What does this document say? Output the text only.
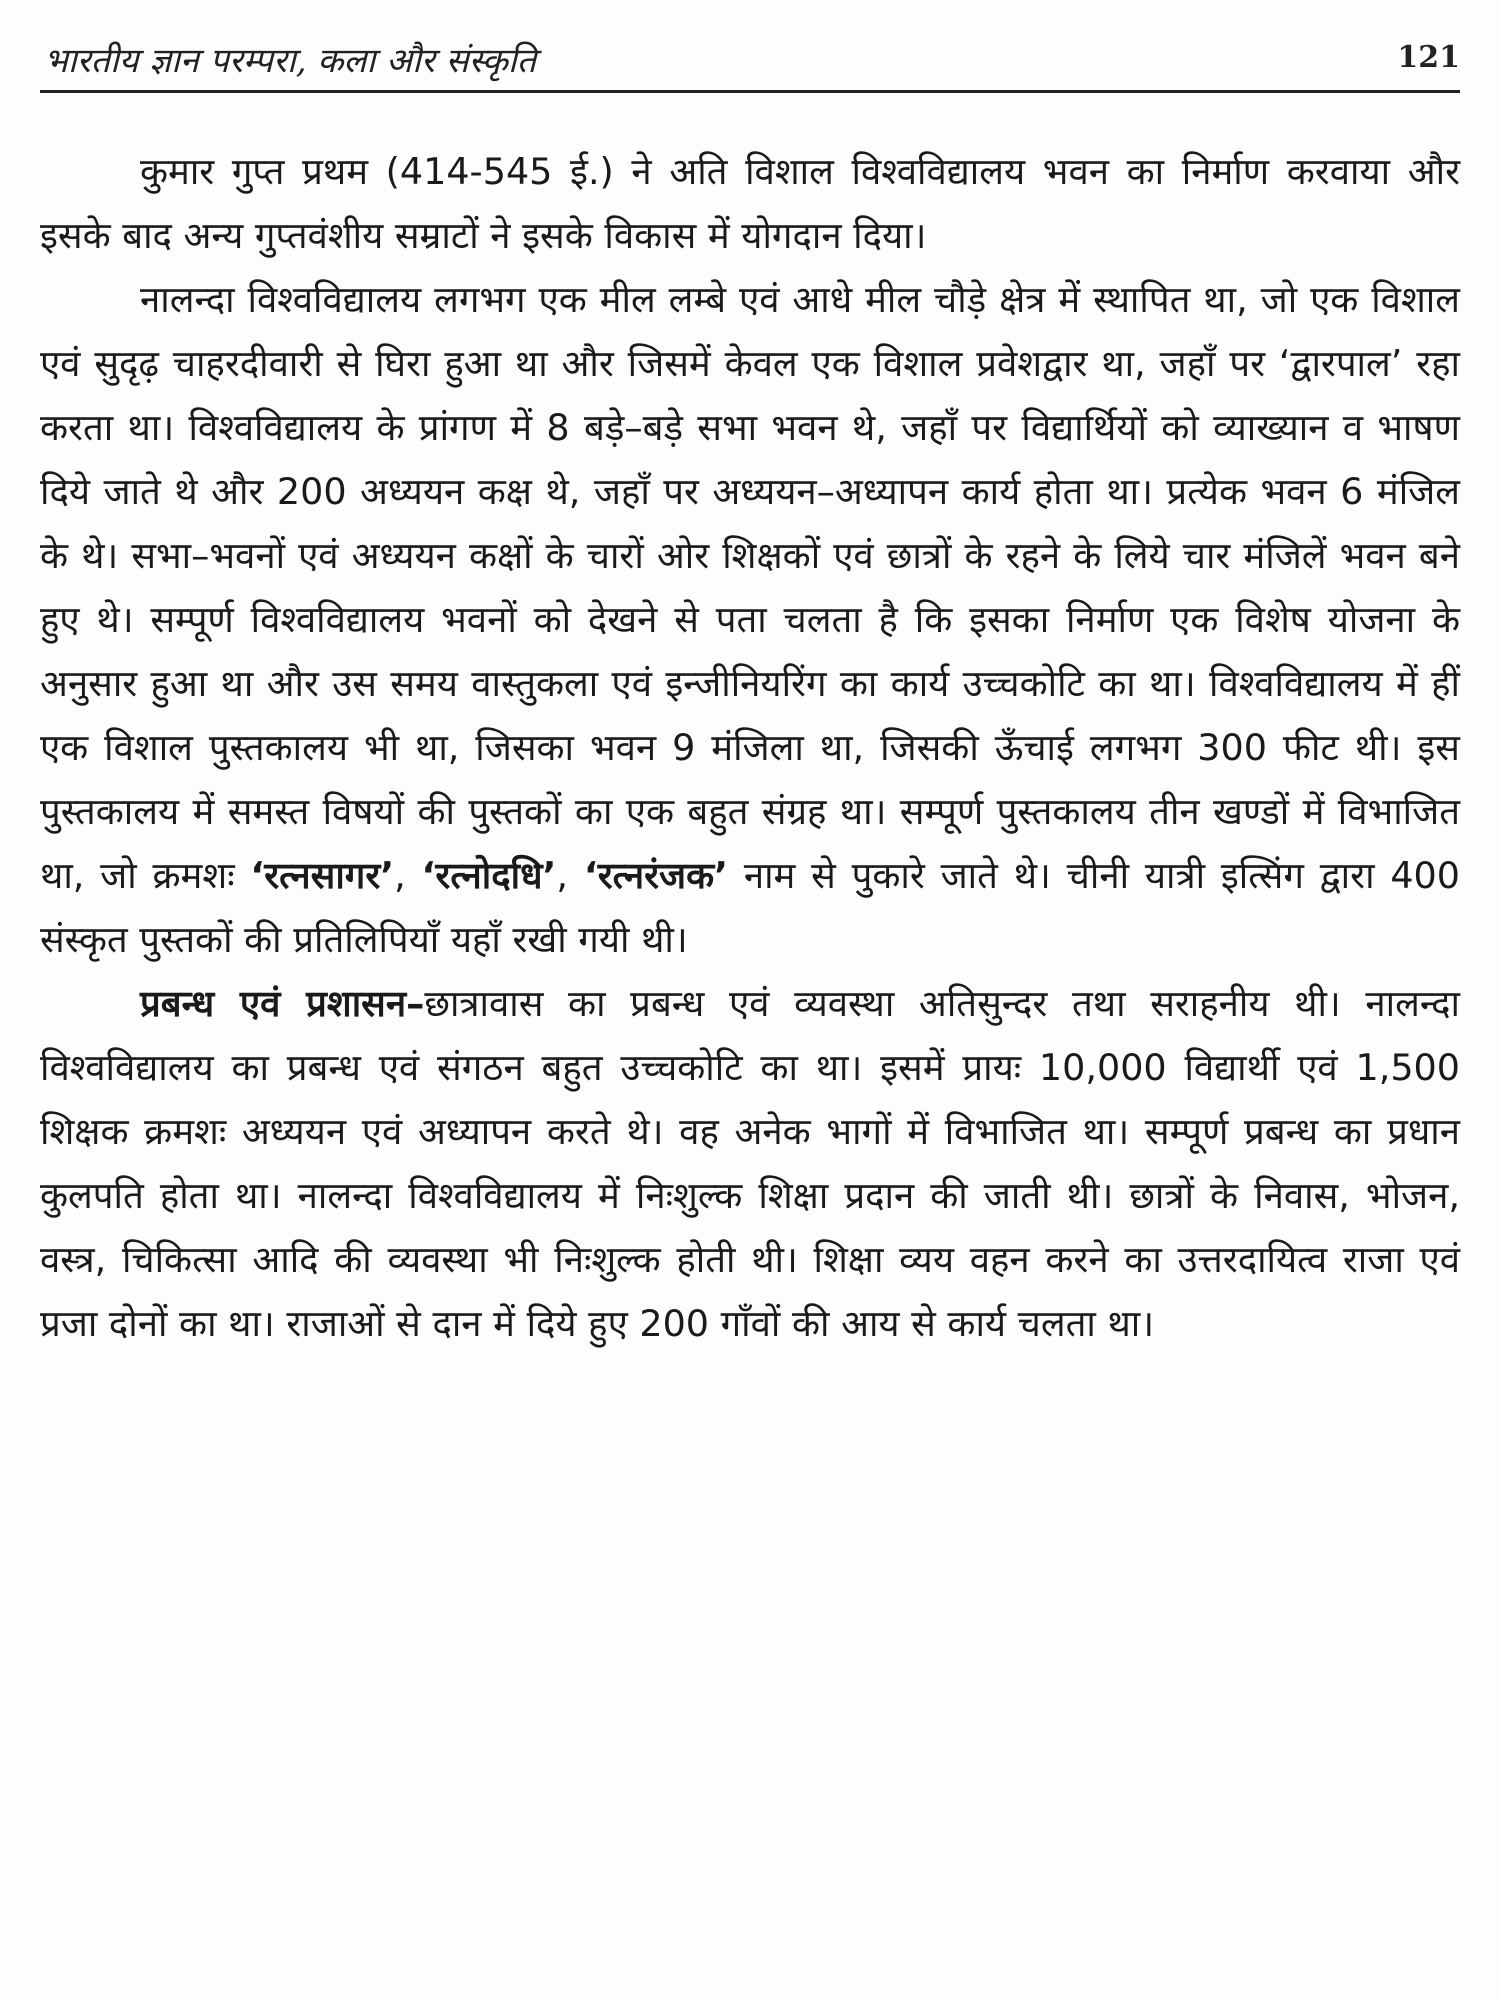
भारतीय ज्ञान परम्परा, कला और संस्कृति	121

कुमार गुप्त प्रथम (414-545 ई.) ने अति विशाल विश्वविद्यालय भवन का निर्माण करवाया और इसके बाद अन्य गुप्तवंशीय सम्राटों ने इसके विकास में योगदान दिया।

नालन्दा विश्वविद्यालय लगभग एक मील लम्बे एवं आधे मील चौड़े क्षेत्र में स्थापित था, जो एक विशाल एवं सुदृढ़ चाहरदीवारी से घिरा हुआ था और जिसमें केवल एक विशाल प्रवेशद्वार था, जहाँ पर ‘द्वारपाल’ रहा करता था। विश्वविद्यालय के प्रांगण में 8 बड़े–बड़े सभा भवन थे, जहाँ पर विद्यार्थियों को व्याख्यान व भाषण दिये जाते थे और 200 अध्ययन कक्ष थे, जहाँ पर अध्ययन–अध्यापन कार्य होता था। प्रत्येक भवन 6 मंजिल के थे। सभा–भवनों एवं अध्ययन कक्षों के चारों ओर शिक्षकों एवं छात्रों के रहने के लिये चार मंजिलें भवन बने हुए थे। सम्पूर्ण विश्वविद्यालय भवनों को देखने से पता चलता है कि इसका निर्माण एक विशेष योजना के अनुसार हुआ था और उस समय वास्तुकला एवं इन्जीनियरिंग का कार्य उच्चकोटि का था। विश्वविद्यालय में हीं एक विशाल पुस्तकालय भी था, जिसका भवन 9 मंजिला था, जिसकी ऊँचाई लगभग 300 फीट थी। इस पुस्तकालय में समस्त विषयों की पुस्तकों का एक बहुत संग्रह था। सम्पूर्ण पुस्तकालय तीन खण्डों में विभाजित था, जो क्रमशः ‘रत्नसागर’, ‘रत्नोदधि’, ‘रत्नरंजक’ नाम से पुकारे जाते थे। चीनी यात्री इत्सिंग द्वारा 400 संस्कृत पुस्तकों की प्रतिलिपियाँ यहाँ रखी गयी थी।

प्रबन्ध एवं प्रशासन–छात्रावास का प्रबन्ध एवं व्यवस्था अतिसुन्दर तथा सराहनीय थी। नालन्दा विश्वविद्यालय का प्रबन्ध एवं संगठन बहुत उच्चकोटि का था। इसमें प्रायः 10,000 विद्यार्थी एवं 1,500 शिक्षक क्रमशः अध्ययन एवं अध्यापन करते थे। वह अनेक भागों में विभाजित था। सम्पूर्ण प्रबन्ध का प्रधान कुलपति होता था। नालन्दा विश्वविद्यालय में निःशुल्क शिक्षा प्रदान की जाती थी। छात्रों के निवास, भोजन, वस्त्र, चिकित्सा आदि की व्यवस्था भी निःशुल्क होती थी। शिक्षा व्यय वहन करने का उत्तरदायित्व राजा एवं प्रजा दोनों का था। राजाओं से दान में दिये हुए 200 गाँवों की आय से कार्य चलता था।
